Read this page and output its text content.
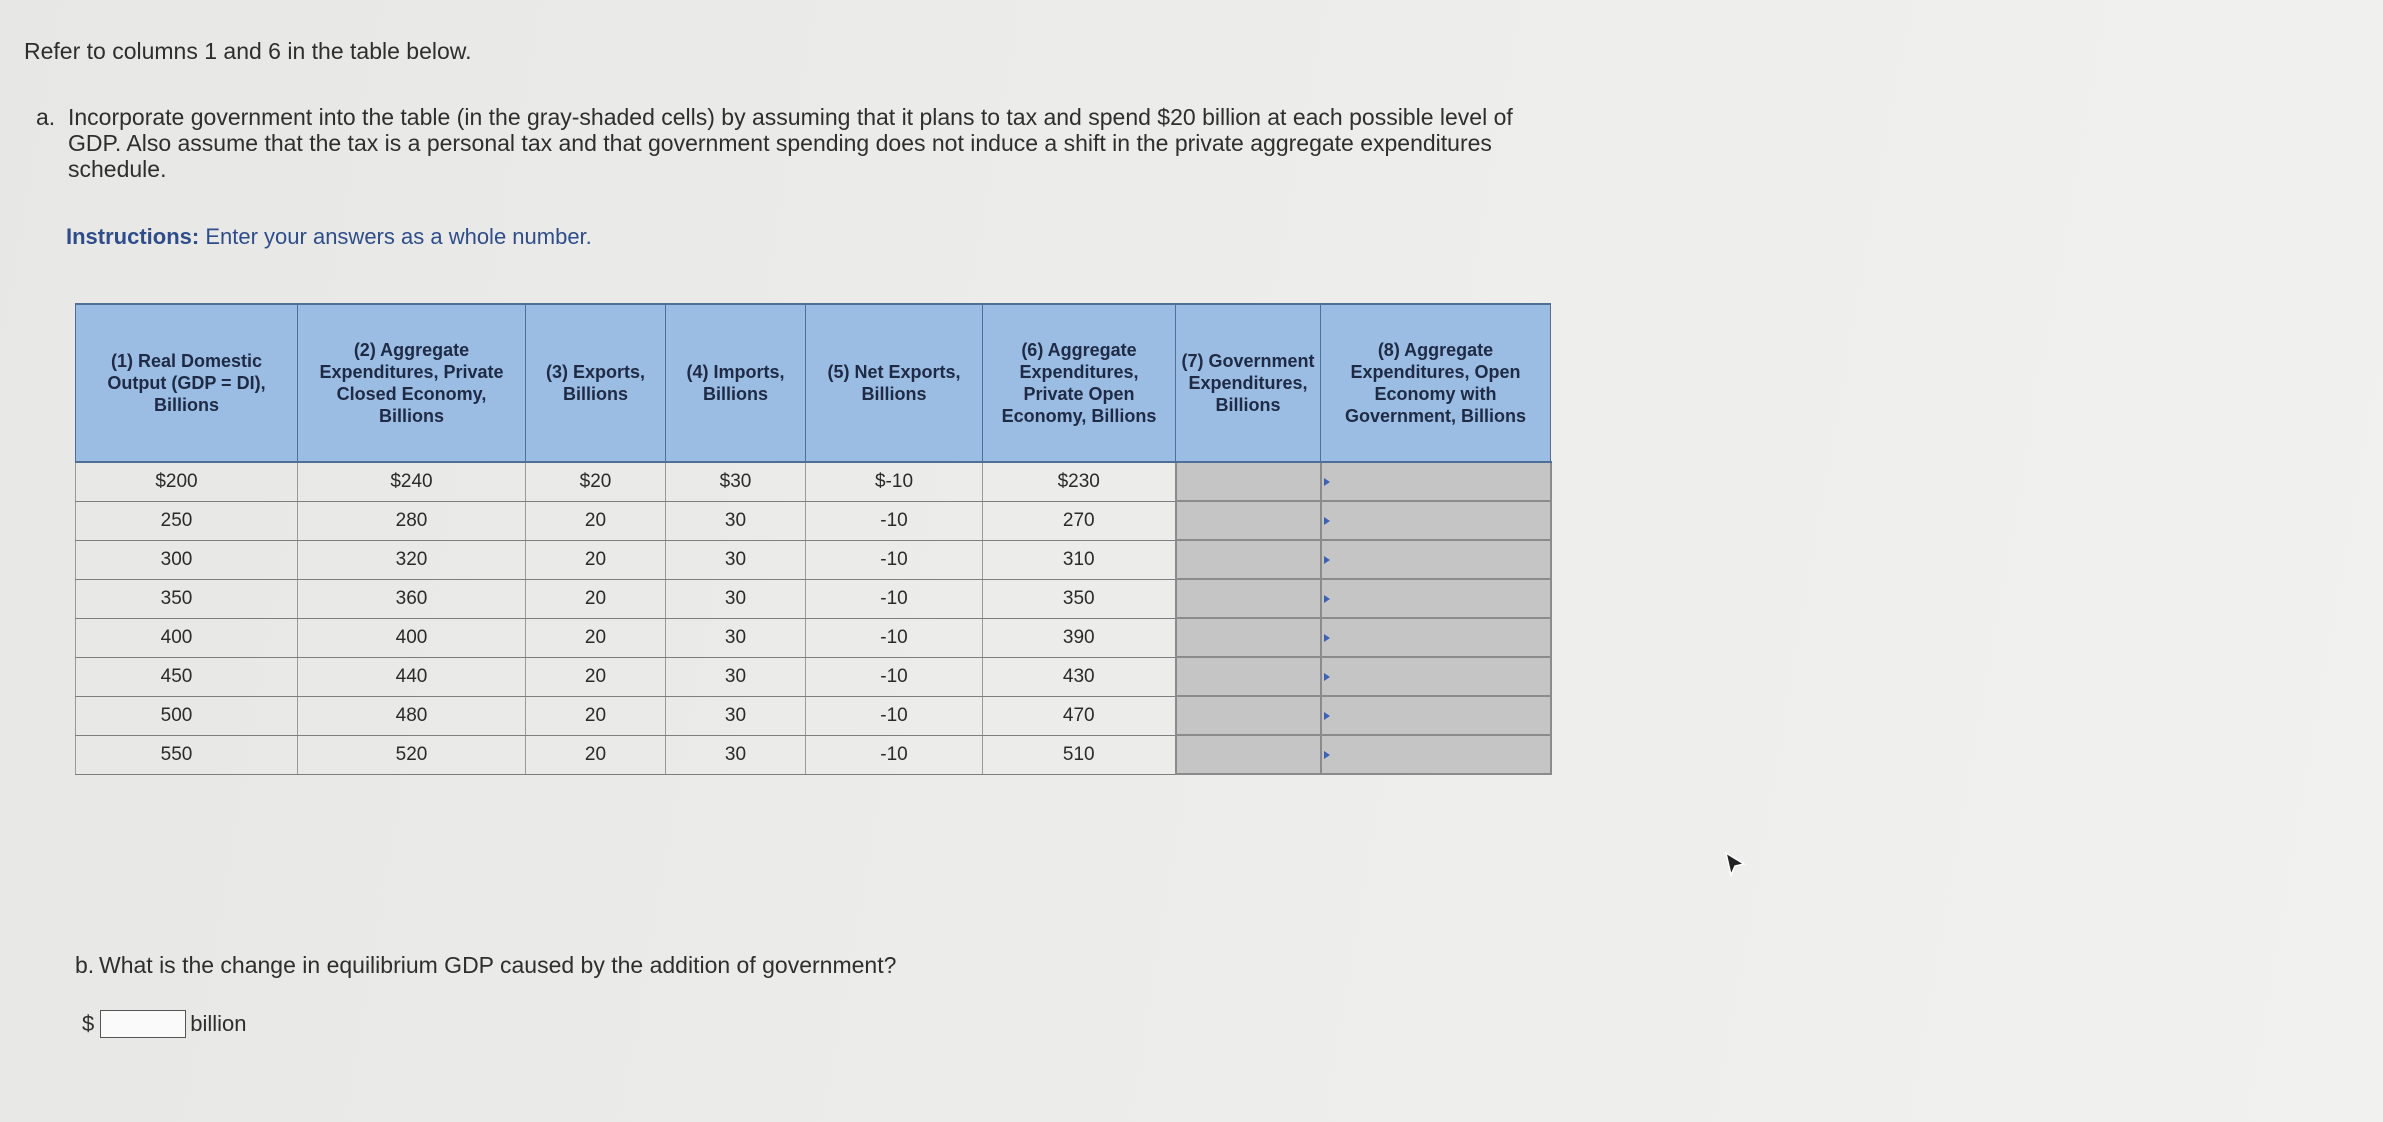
Refer to columns 1 and 6 in the table below.

a. Incorporate government into the table (in the gray-shaded cells) by assuming that it plans to tax and spend $20 billion at each possible level of GDP. Also assume that the tax is a personal tax and that government spending does not induce a shift in the private aggregate expenditures schedule.
Instructions: Enter your answers as a whole number.
(1) Real Domestic Output (GDP = DI), Billions	(2) Aggregate Expenditures, Private Closed Economy, Billions	(3) Exports, Billions	(4) Imports, Billions	(5) Net Exports, Billions	(6) Aggregate Expenditures, Private Open Economy, Billions	(7) Government Expenditures, Billions	(8) Aggregate Expenditures, Open Economy with Government, Billions
$200	$240	$20	$30	$-10	$230		

250	280	20	30	-10	270		

300	320	20	30	-10	310		

350	360	20	30	-10	350		

400	400	20	30	-10	390		

450	440	20	30	-10	430		

500	480	20	30	-10	470		

550	520	20	30	-10	510		
b. What is the change in equilibrium GDP caused by the addition of government?
$	billion
